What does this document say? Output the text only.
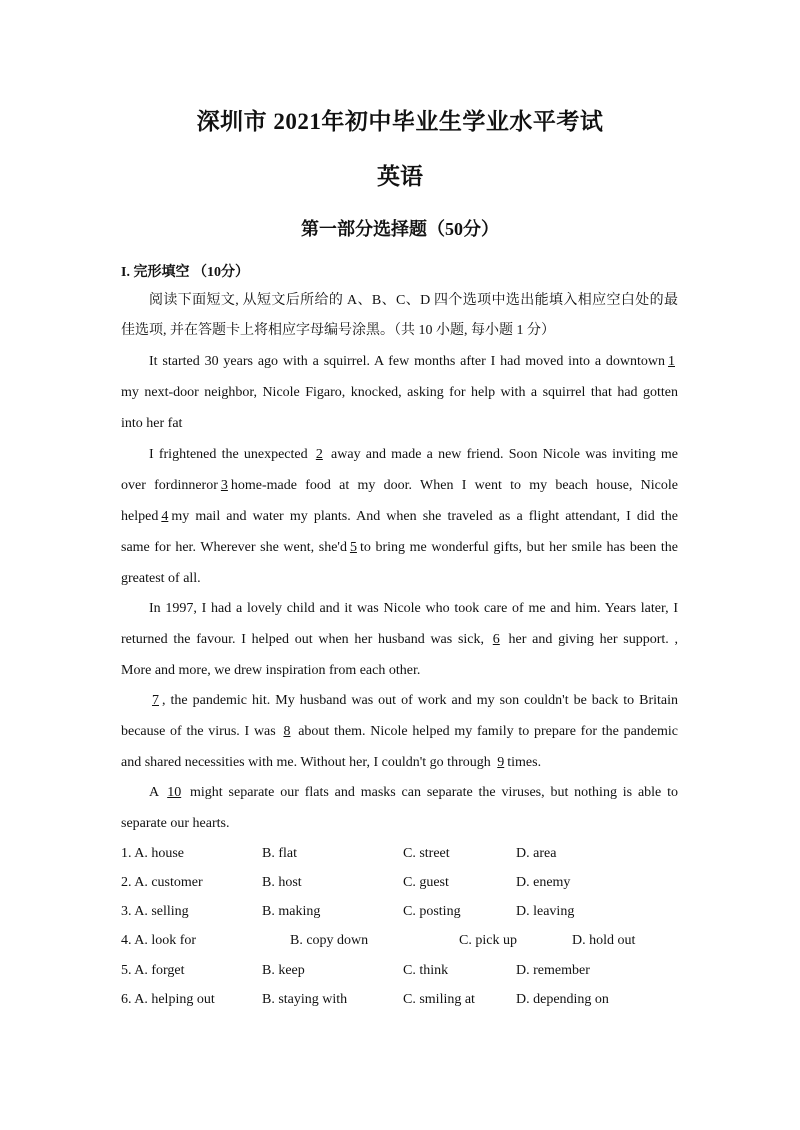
深圳市 2021年初中毕业生学业水平考试
英语
第一部分选择题（50分）
I. 完形填空 （10分）
阅读下面短文, 从短文后所给的 A、B、C、D 四个选项中选出能填入相应空白处的最
佳选项, 并在答题卡上将相应字母编号涂黑。（共 10 小题, 每小题 1 分）
It started 30 years ago with a squirrel. A few months after I had moved into a downtown 1
my next-door neighbor, Nicole Figaro, knocked, asking for help with a squirrel that had gotten
into her fat
I frightened the unexpected 2 away and made a new friend. Soon Nicole was inviting me
over fordinneror 3 home-made food at my door. When I went to my beach house, Nicole
helped 4 my mail and water my plants. And when she traveled as a flight attendant, I did the
same for her. Wherever she went, she'd 5 to bring me wonderful gifts, but her smile has been the
greatest of all.
In 1997, I had a lovely child and it was Nicole who took care of me and him. Years later, I
returned the favour. I helped out when her husband was sick, 6 her and giving her support. ,
More and more, we drew inspiration from each other.
7 , the pandemic hit. My husband was out of work and my son couldn't be back to Britain
because of the virus. I was 8 about them. Nicole helped my family to prepare for the pandemic
and shared necessities with me. Without her, I couldn't go through 9 times.
A 10 might separate our flats and masks can separate the viruses, but nothing is able to
separate our hearts.
1. A. house	B. flat	C. street	D. area
2. A. customer	B. host	C. guest	D. enemy
3. A. selling	B. making	C. posting	D. leaving
4. A. look for	B. copy down	C. pick up	D. hold out
5. A. forget	B. keep	C. think	D. remember
6. A. helping out	B. staying with	C. smiling at	D. depending on
